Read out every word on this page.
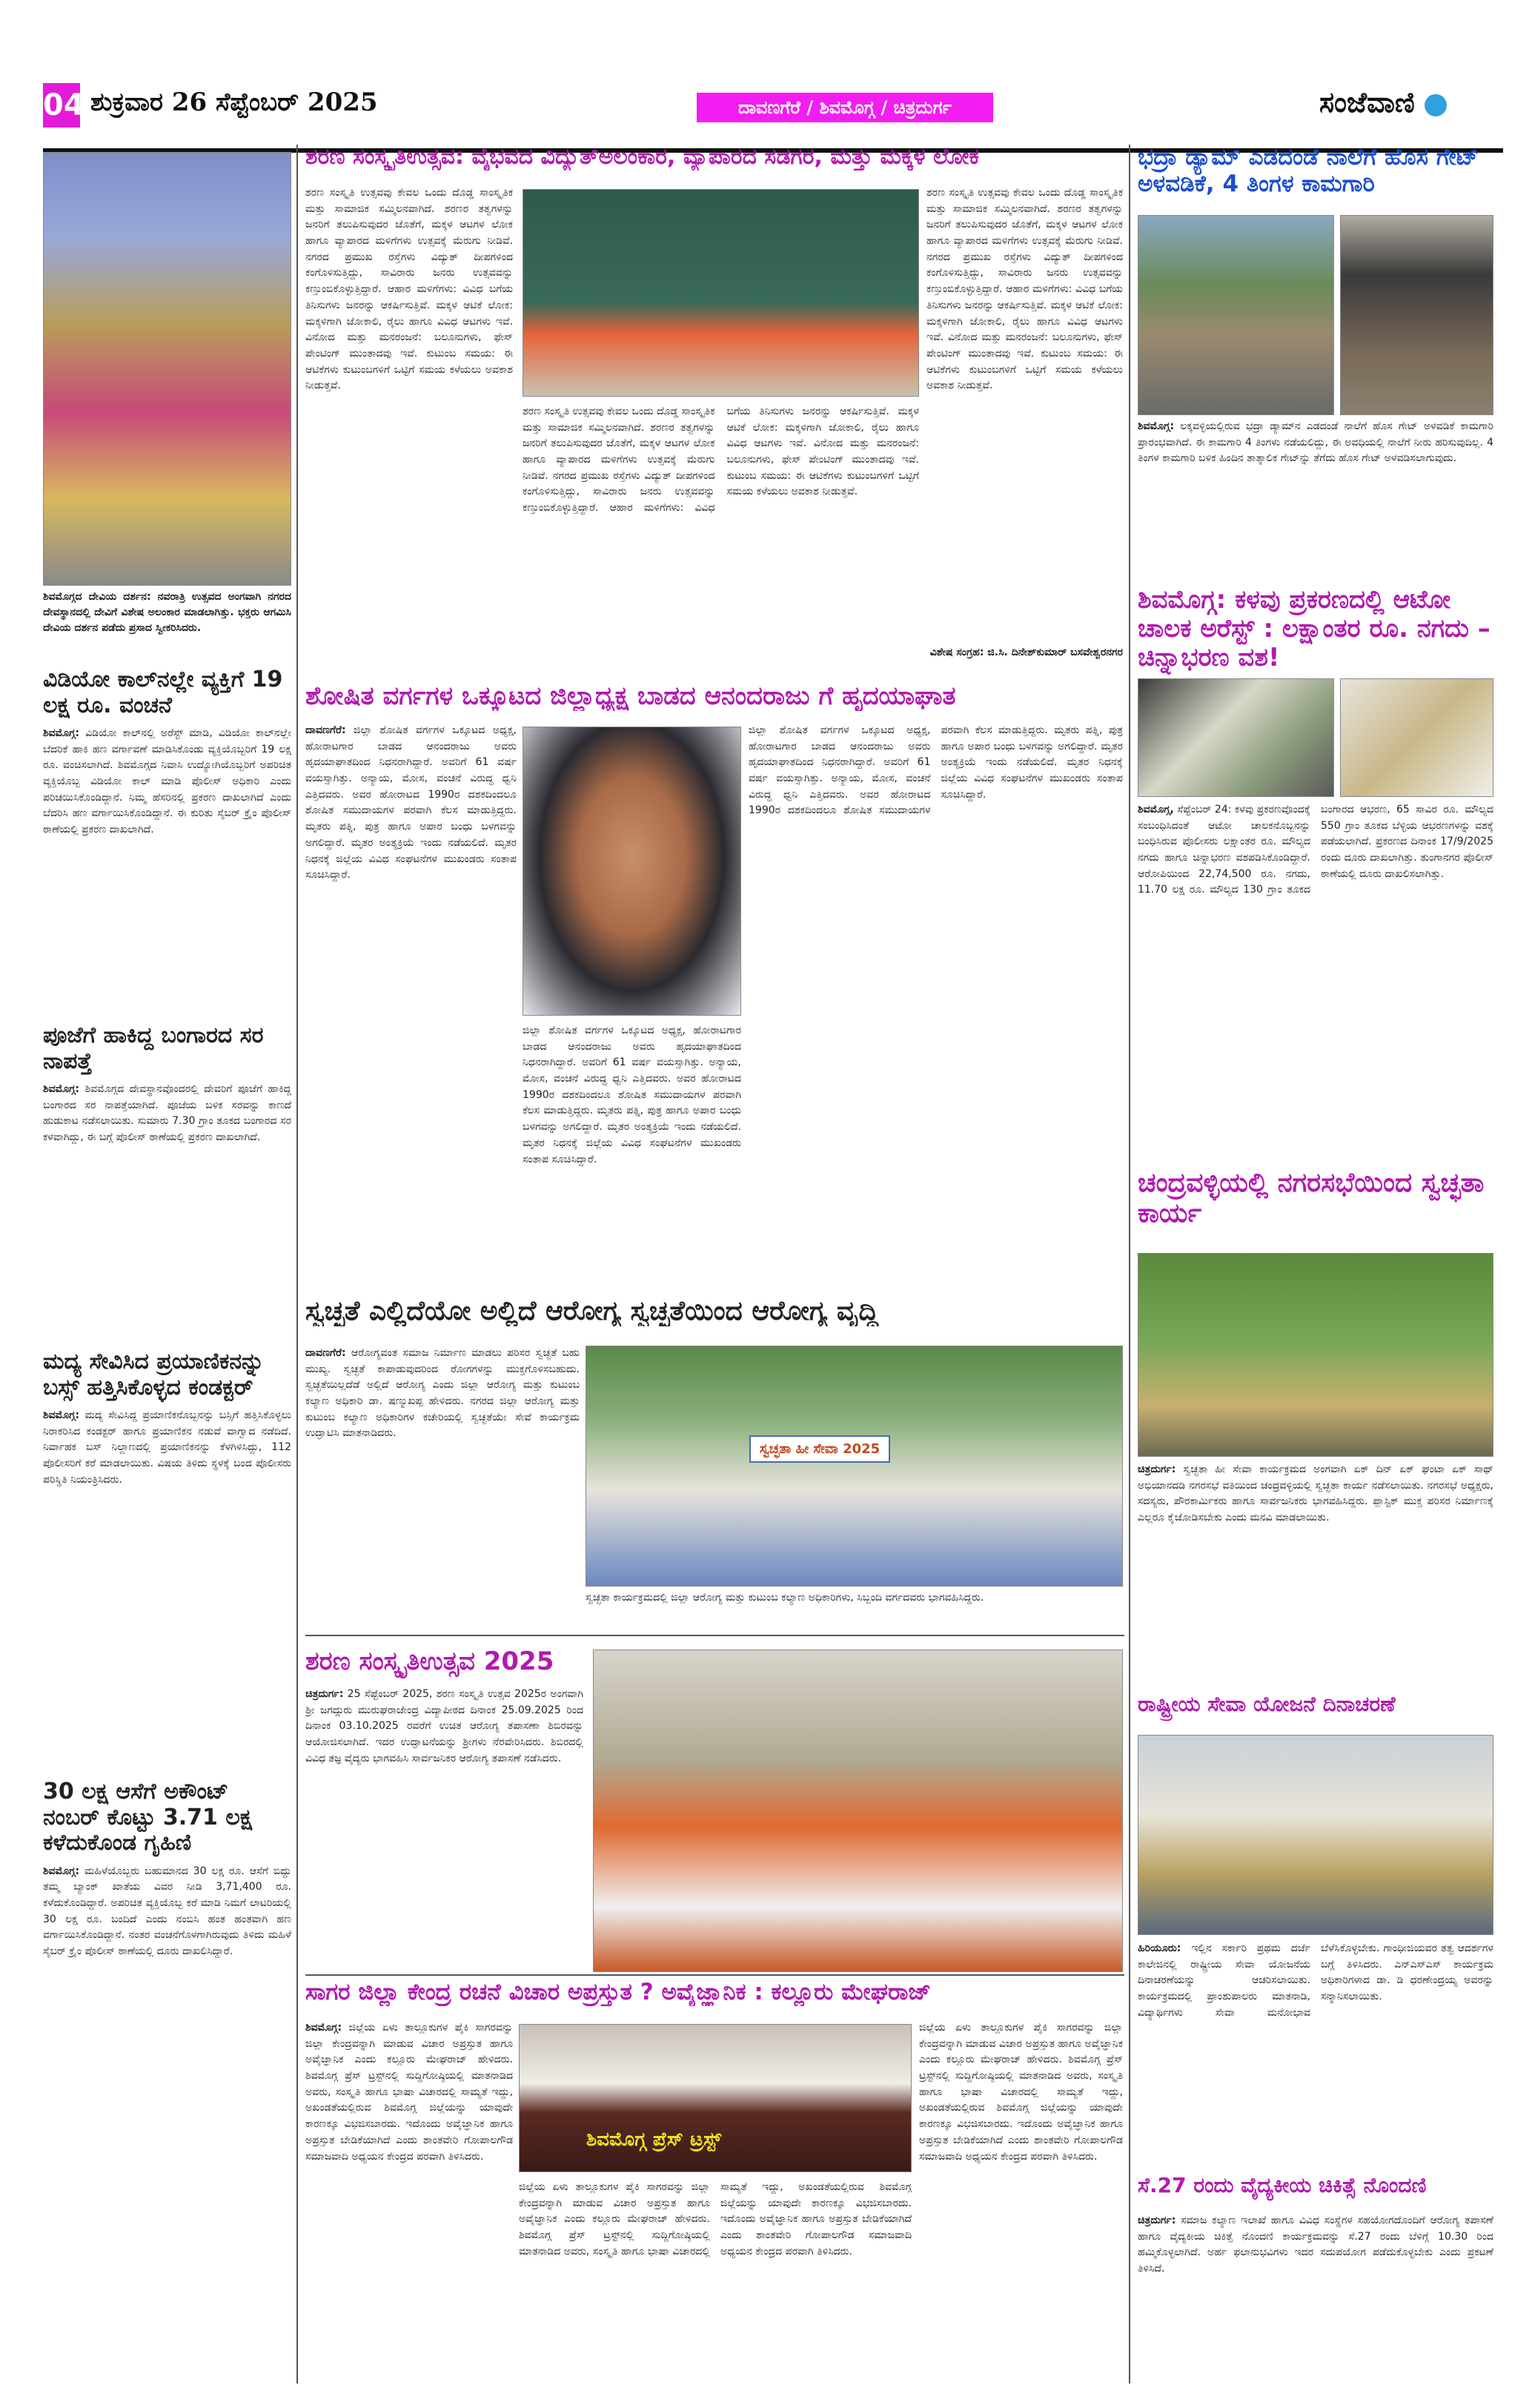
04 ಶುಕ್ರವಾರ 26 ಸೆಪ್ಟೆಂಬರ್ 2025	ದಾವಣಗೆರೆ / ಶಿವಮೊಗ್ಗ / ಚಿತ್ರದುರ್ಗ	ಸಂಜೆವಾಣಿ
ಶಿವಮೊಗ್ಗದ ದೇವಿಯ ದರ್ಶನ: ನವರಾತ್ರಿ ಉತ್ಸವದ ಅಂಗವಾಗಿ ನಗರದ ದೇವಸ್ಥಾನದಲ್ಲಿ ದೇವಿಗೆ ವಿಶೇಷ ಅಲಂಕಾರ ಮಾಡಲಾಗಿತ್ತು. ಭಕ್ತರು ಆಗಮಿಸಿ ದೇವಿಯ ದರ್ಶನ ಪಡೆದು ಪ್ರಸಾದ ಸ್ವೀಕರಿಸಿದರು.
ವಿಡಿಯೋ ಕಾಲ್‌ನಲ್ಲೇ ವ್ಯಕ್ತಿಗೆ 19 ಲಕ್ಷ ರೂ. ವಂಚನೆ
ಶಿವಮೊಗ್ಗ: ವಿಡಿಯೋ ಕಾಲ್‌ನಲ್ಲಿ ಅರೆಸ್ಟ್ ಮಾಡಿ, ವಿಡಿಯೋ ಕಾಲ್‌ನಲ್ಲೇ ಬೆದರಿಕೆ ಹಾಕಿ ಹಣ ವರ್ಗಾವಣೆ ಮಾಡಿಸಿಕೊಂಡು ವ್ಯಕ್ತಿಯೊಬ್ಬರಿಗೆ 19 ಲಕ್ಷ ರೂ. ವಂಚಿಸಲಾಗಿದೆ. ಶಿವಮೊಗ್ಗದ ನಿವಾಸಿ ಉದ್ಯೋಗಿಯೊಬ್ಬರಿಗೆ ಅಪರಿಚಿತ ವ್ಯಕ್ತಿಯೊಬ್ಬ ವಿಡಿಯೋ ಕಾಲ್ ಮಾಡಿ ಪೊಲೀಸ್ ಅಧಿಕಾರಿ ಎಂದು ಪರಿಚಯಿಸಿಕೊಂಡಿದ್ದಾನೆ. ನಿಮ್ಮ ಹೆಸರಿನಲ್ಲಿ ಪ್ರಕರಣ ದಾಖಲಾಗಿದೆ ಎಂದು ಬೆದರಿಸಿ ಹಣ ವರ್ಗಾಯಿಸಿಕೊಂಡಿದ್ದಾನೆ. ಈ ಕುರಿತು ಸೈಬರ್ ಕ್ರೈಂ ಪೊಲೀಸ್ ಠಾಣೆಯಲ್ಲಿ ಪ್ರಕರಣ ದಾಖಲಾಗಿದೆ.
ಪೂಜೆಗೆ ಹಾಕಿದ್ದ ಬಂಗಾರದ ಸರ ನಾಪತ್ತೆ
ಶಿವಮೊಗ್ಗ: ಶಿವಮೊಗ್ಗದ ದೇವಸ್ಥಾನವೊಂದರಲ್ಲಿ ದೇವರಿಗೆ ಪೂಜೆಗೆ ಹಾಕಿದ್ದ ಬಂಗಾರದ ಸರ ನಾಪತ್ತೆಯಾಗಿದೆ. ಪೂಜೆಯ ಬಳಿಕ ಸರವನ್ನು ಕಾಣದೆ ಹುಡುಕಾಟ ನಡೆಸಲಾಯಿತು. ಸುಮಾರು 7.30 ಗ್ರಾಂ ತೂಕದ ಬಂಗಾರದ ಸರ ಕಳವಾಗಿದ್ದು, ಈ ಬಗ್ಗೆ ಪೊಲೀಸ್ ಠಾಣೆಯಲ್ಲಿ ಪ್ರಕರಣ ದಾಖಲಾಗಿದೆ.
ಮದ್ಯ ಸೇವಿಸಿದ ಪ್ರಯಾಣಿಕನನ್ನು ಬಸ್ಸ್ ಹತ್ತಿಸಿಕೊಳ್ಳದ ಕಂಡಕ್ಟರ್
ಶಿವಮೊಗ್ಗ: ಮದ್ಯ ಸೇವಿಸಿದ್ದ ಪ್ರಯಾಣಿಕನೊಬ್ಬನನ್ನು ಬಸ್ಸಿಗೆ ಹತ್ತಿಸಿಕೊಳ್ಳಲು ನಿರಾಕರಿಸಿದ ಕಂಡಕ್ಟರ್ ಹಾಗೂ ಪ್ರಯಾಣಿಕನ ನಡುವೆ ವಾಗ್ವಾದ ನಡೆದಿದೆ. ನಿರ್ವಾಹಕ ಬಸ್ ನಿಲ್ದಾಣದಲ್ಲಿ ಪ್ರಯಾಣಿಕನನ್ನು ಕೆಳಗಿಳಿಸಿದ್ದು, 112 ಪೊಲೀಸರಿಗೆ ಕರೆ ಮಾಡಲಾಯಿತು. ವಿಷಯ ತಿಳಿದು ಸ್ಥಳಕ್ಕೆ ಬಂದ ಪೊಲೀಸರು ಪರಿಸ್ಥಿತಿ ನಿಯಂತ್ರಿಸಿದರು.
30 ಲಕ್ಷ ಆಸೆಗೆ ಅಕೌಂಟ್ ನಂಬರ್ ಕೊಟ್ಟು 3.71 ಲಕ್ಷ ಕಳೆದುಕೊಂಡ ಗೃಹಿಣಿ
ಶಿವಮೊಗ್ಗ: ಮಹಿಳೆಯೊಬ್ಬರು ಬಹುಮಾನದ 30 ಲಕ್ಷ ರೂ. ಆಸೆಗೆ ಬಿದ್ದು ತಮ್ಮ ಬ್ಯಾಂಕ್ ಖಾತೆಯ ವಿವರ ನೀಡಿ 3,71,400 ರೂ. ಕಳೆದುಕೊಂಡಿದ್ದಾರೆ. ಅಪರಿಚಿತ ವ್ಯಕ್ತಿಯೊಬ್ಬ ಕರೆ ಮಾಡಿ ನಿಮಗೆ ಲಾಟರಿಯಲ್ಲಿ 30 ಲಕ್ಷ ರೂ. ಬಂದಿದೆ ಎಂದು ನಂಬಿಸಿ ಹಂತ ಹಂತವಾಗಿ ಹಣ ವರ್ಗಾಯಿಸಿಕೊಂಡಿದ್ದಾನೆ. ನಂತರ ವಂಚನೆಗೊಳಗಾಗಿರುವುದು ತಿಳಿದು ಮಹಿಳೆ ಸೈಬರ್ ಕ್ರೈಂ ಪೊಲೀಸ್ ಠಾಣೆಯಲ್ಲಿ ದೂರು ದಾಖಲಿಸಿದ್ದಾರೆ.
ಶರಣ ಸಂಸ್ಕೃತಿಉತ್ಸವ: ವೈಭವದ ವಿದ್ಯುತ್‌ಅಲಂಕಾರ, ವ್ಯಾಪಾರದ ಸಡಗರ, ಮತ್ತು ಮಕ್ಕಳ ಲೋಕ
ಶರಣ ಸಂಸ್ಕೃತಿ ಉತ್ಸವವು ಕೇವಲ ಒಂದು ದೊಡ್ಡ ಸಾಂಸ್ಕೃತಿಕ ಮತ್ತು ಸಾಮಾಜಿಕ ಸಮ್ಮಿಲನವಾಗಿದೆ. ಶರಣರ ತತ್ವಗಳನ್ನು ಜನರಿಗೆ ತಲುಪಿಸುವುದರ ಜೊತೆಗೆ, ಮಕ್ಕಳ ಆಟಗಳ ಲೋಕ ಹಾಗೂ ವ್ಯಾಪಾರದ ಮಳಿಗೆಗಳು ಉತ್ಸವಕ್ಕೆ ಮೆರುಗು ನೀಡಿವೆ. ನಗರದ ಪ್ರಮುಖ ರಸ್ತೆಗಳು ವಿದ್ಯುತ್ ದೀಪಗಳಿಂದ ಕಂಗೊಳಿಸುತ್ತಿದ್ದು, ಸಾವಿರಾರು ಜನರು ಉತ್ಸವವನ್ನು ಕಣ್ತುಂಬಿಕೊಳ್ಳುತ್ತಿದ್ದಾರೆ. ಆಹಾರ ಮಳಿಗೆಗಳು: ವಿವಿಧ ಬಗೆಯ ತಿನಿಸುಗಳು ಜನರನ್ನು ಆಕರ್ಷಿಸುತ್ತಿವೆ. ಮಕ್ಕಳ ಆಟಿಕೆ ಲೋಕ: ಮಕ್ಕಳಿಗಾಗಿ ಜೋಕಾಲಿ, ರೈಲು ಹಾಗೂ ವಿವಿಧ ಆಟಗಳು ಇವೆ. ವಿನೋದ ಮತ್ತು ಮನರಂಜನೆ: ಬಲೂನುಗಳು, ಫೇಸ್ ಪೇಂಟಿಂಗ್ ಮುಂತಾದವು ಇವೆ. ಕುಟುಂಬ ಸಮಯ: ಈ ಆಟಿಕೆಗಳು ಕುಟುಂಬಗಳಿಗೆ ಒಟ್ಟಿಗೆ ಸಮಯ ಕಳೆಯಲು ಅವಕಾಶ ನೀಡುತ್ತವೆ.
ಶರಣ ಸಂಸ್ಕೃತಿ ಉತ್ಸವವು ಕೇವಲ ಒಂದು ದೊಡ್ಡ ಸಾಂಸ್ಕೃತಿಕ ಮತ್ತು ಸಾಮಾಜಿಕ ಸಮ್ಮಿಲನವಾಗಿದೆ. ಶರಣರ ತತ್ವಗಳನ್ನು ಜನರಿಗೆ ತಲುಪಿಸುವುದರ ಜೊತೆಗೆ, ಮಕ್ಕಳ ಆಟಗಳ ಲೋಕ ಹಾಗೂ ವ್ಯಾಪಾರದ ಮಳಿಗೆಗಳು ಉತ್ಸವಕ್ಕೆ ಮೆರುಗು ನೀಡಿವೆ. ನಗರದ ಪ್ರಮುಖ ರಸ್ತೆಗಳು ವಿದ್ಯುತ್ ದೀಪಗಳಿಂದ ಕಂಗೊಳಿಸುತ್ತಿದ್ದು, ಸಾವಿರಾರು ಜನರು ಉತ್ಸವವನ್ನು ಕಣ್ತುಂಬಿಕೊಳ್ಳುತ್ತಿದ್ದಾರೆ. ಆಹಾರ ಮಳಿಗೆಗಳು: ವಿವಿಧ ಬಗೆಯ ತಿನಿಸುಗಳು ಜನರನ್ನು ಆಕರ್ಷಿಸುತ್ತಿವೆ. ಮಕ್ಕಳ ಆಟಿಕೆ ಲೋಕ: ಮಕ್ಕಳಿಗಾಗಿ ಜೋಕಾಲಿ, ರೈಲು ಹಾಗೂ ವಿವಿಧ ಆಟಗಳು ಇವೆ. ವಿನೋದ ಮತ್ತು ಮನರಂಜನೆ: ಬಲೂನುಗಳು, ಫೇಸ್ ಪೇಂಟಿಂಗ್ ಮುಂತಾದವು ಇವೆ. ಕುಟುಂಬ ಸಮಯ: ಈ ಆಟಿಕೆಗಳು ಕುಟುಂಬಗಳಿಗೆ ಒಟ್ಟಿಗೆ ಸಮಯ ಕಳೆಯಲು ಅವಕಾಶ ನೀಡುತ್ತವೆ.
ಶರಣ ಸಂಸ್ಕೃತಿ ಉತ್ಸವವು ಕೇವಲ ಒಂದು ದೊಡ್ಡ ಸಾಂಸ್ಕೃತಿಕ ಮತ್ತು ಸಾಮಾಜಿಕ ಸಮ್ಮಿಲನವಾಗಿದೆ. ಶರಣರ ತತ್ವಗಳನ್ನು ಜನರಿಗೆ ತಲುಪಿಸುವುದರ ಜೊತೆಗೆ, ಮಕ್ಕಳ ಆಟಗಳ ಲೋಕ ಹಾಗೂ ವ್ಯಾಪಾರದ ಮಳಿಗೆಗಳು ಉತ್ಸವಕ್ಕೆ ಮೆರುಗು ನೀಡಿವೆ. ನಗರದ ಪ್ರಮುಖ ರಸ್ತೆಗಳು ವಿದ್ಯುತ್ ದೀಪಗಳಿಂದ ಕಂಗೊಳಿಸುತ್ತಿದ್ದು, ಸಾವಿರಾರು ಜನರು ಉತ್ಸವವನ್ನು ಕಣ್ತುಂಬಿಕೊಳ್ಳುತ್ತಿದ್ದಾರೆ. ಆಹಾರ ಮಳಿಗೆಗಳು: ವಿವಿಧ ಬಗೆಯ ತಿನಿಸುಗಳು ಜನರನ್ನು ಆಕರ್ಷಿಸುತ್ತಿವೆ. ಮಕ್ಕಳ ಆಟಿಕೆ ಲೋಕ: ಮಕ್ಕಳಿಗಾಗಿ ಜೋಕಾಲಿ, ರೈಲು ಹಾಗೂ ವಿವಿಧ ಆಟಗಳು ಇವೆ. ವಿನೋದ ಮತ್ತು ಮನರಂಜನೆ: ಬಲೂನುಗಳು, ಫೇಸ್ ಪೇಂಟಿಂಗ್ ಮುಂತಾದವು ಇವೆ. ಕುಟುಂಬ ಸಮಯ: ಈ ಆಟಿಕೆಗಳು ಕುಟುಂಬಗಳಿಗೆ ಒಟ್ಟಿಗೆ ಸಮಯ ಕಳೆಯಲು ಅವಕಾಶ ನೀಡುತ್ತವೆ.
ವಿಶೇಷ ಸಂಗ್ರಹ: ಜಿ.ಸಿ. ದಿನೇಶ್‌ಕುಮಾರ್ ಬಸವೇಶ್ವರನಗರ
ಶೋಷಿತ ವರ್ಗಗಳ ಒಕ್ಕೂಟದ ಜಿಲ್ಲಾಧ್ಯಕ್ಷ ಬಾಡದ ಆನಂದರಾಜು ಗೆ ಹೃದಯಾಘಾತ
ದಾವಣಗೆರೆ: ಜಿಲ್ಲಾ ಶೋಷಿತ ವರ್ಗಗಳ ಒಕ್ಕೂಟದ ಅಧ್ಯಕ್ಷ, ಹೋರಾಟಗಾರ ಬಾಡದ ಆನಂದರಾಜು ಅವರು ಹೃದಯಾಘಾತದಿಂದ ನಿಧನರಾಗಿದ್ದಾರೆ. ಅವರಿಗೆ 61 ವರ್ಷ ವಯಸ್ಸಾಗಿತ್ತು. ಅನ್ಯಾಯ, ಮೋಸ, ವಂಚನೆ ವಿರುದ್ಧ ಧ್ವನಿ ಎತ್ತಿದವರು. ಅವರ ಹೋರಾಟದ 1990ರ ದಶಕದಿಂದಲೂ ಶೋಷಿತ ಸಮುದಾಯಗಳ ಪರವಾಗಿ ಕೆಲಸ ಮಾಡುತ್ತಿದ್ದರು. ಮೃತರು ಪತ್ನಿ, ಪುತ್ರ ಹಾಗೂ ಅಪಾರ ಬಂಧು ಬಳಗವನ್ನು ಅಗಲಿದ್ದಾರೆ. ಮೃತರ ಅಂತ್ಯಕ್ರಿಯೆ ಇಂದು ನಡೆಯಲಿದೆ. ಮೃತರ ನಿಧನಕ್ಕೆ ಜಿಲ್ಲೆಯ ವಿವಿಧ ಸಂಘಟನೆಗಳ ಮುಖಂಡರು ಸಂತಾಪ ಸೂಚಿಸಿದ್ದಾರೆ.
ಜಿಲ್ಲಾ ಶೋಷಿತ ವರ್ಗಗಳ ಒಕ್ಕೂಟದ ಅಧ್ಯಕ್ಷ, ಹೋರಾಟಗಾರ ಬಾಡದ ಆನಂದರಾಜು ಅವರು ಹೃದಯಾಘಾತದಿಂದ ನಿಧನರಾಗಿದ್ದಾರೆ. ಅವರಿಗೆ 61 ವರ್ಷ ವಯಸ್ಸಾಗಿತ್ತು. ಅನ್ಯಾಯ, ಮೋಸ, ವಂಚನೆ ವಿರುದ್ಧ ಧ್ವನಿ ಎತ್ತಿದವರು. ಅವರ ಹೋರಾಟದ 1990ರ ದಶಕದಿಂದಲೂ ಶೋಷಿತ ಸಮುದಾಯಗಳ ಪರವಾಗಿ ಕೆಲಸ ಮಾಡುತ್ತಿದ್ದರು. ಮೃತರು ಪತ್ನಿ, ಪುತ್ರ ಹಾಗೂ ಅಪಾರ ಬಂಧು ಬಳಗವನ್ನು ಅಗಲಿದ್ದಾರೆ. ಮೃತರ ಅಂತ್ಯಕ್ರಿಯೆ ಇಂದು ನಡೆಯಲಿದೆ. ಮೃತರ ನಿಧನಕ್ಕೆ ಜಿಲ್ಲೆಯ ವಿವಿಧ ಸಂಘಟನೆಗಳ ಮುಖಂಡರು ಸಂತಾಪ ಸೂಚಿಸಿದ್ದಾರೆ.
ಜಿಲ್ಲಾ ಶೋಷಿತ ವರ್ಗಗಳ ಒಕ್ಕೂಟದ ಅಧ್ಯಕ್ಷ, ಹೋರಾಟಗಾರ ಬಾಡದ ಆನಂದರಾಜು ಅವರು ಹೃದಯಾಘಾತದಿಂದ ನಿಧನರಾಗಿದ್ದಾರೆ. ಅವರಿಗೆ 61 ವರ್ಷ ವಯಸ್ಸಾಗಿತ್ತು. ಅನ್ಯಾಯ, ಮೋಸ, ವಂಚನೆ ವಿರುದ್ಧ ಧ್ವನಿ ಎತ್ತಿದವರು. ಅವರ ಹೋರಾಟದ 1990ರ ದಶಕದಿಂದಲೂ ಶೋಷಿತ ಸಮುದಾಯಗಳ ಪರವಾಗಿ ಕೆಲಸ ಮಾಡುತ್ತಿದ್ದರು. ಮೃತರು ಪತ್ನಿ, ಪುತ್ರ ಹಾಗೂ ಅಪಾರ ಬಂಧು ಬಳಗವನ್ನು ಅಗಲಿದ್ದಾರೆ. ಮೃತರ ಅಂತ್ಯಕ್ರಿಯೆ ಇಂದು ನಡೆಯಲಿದೆ. ಮೃತರ ನಿಧನಕ್ಕೆ ಜಿಲ್ಲೆಯ ವಿವಿಧ ಸಂಘಟನೆಗಳ ಮುಖಂಡರು ಸಂತಾಪ ಸೂಚಿಸಿದ್ದಾರೆ.
ಸ್ವಚ್ಛತೆ ಎಲ್ಲಿದೆಯೋ ಅಲ್ಲಿದೆ ಆರೋಗ್ಯ ಸ್ವಚ್ಛತೆಯಿಂದ ಆರೋಗ್ಯ ವೃದ್ಧಿ
ದಾವಣಗೆರೆ: ಆರೋಗ್ಯವಂತ ಸಮಾಜ ನಿರ್ಮಾಣ ಮಾಡಲು ಪರಿಸರ ಸ್ವಚ್ಛತೆ ಬಹು ಮುಖ್ಯ. ಸ್ವಚ್ಛತೆ ಕಾಪಾಡುವುದರಿಂದ ರೋಗಗಳನ್ನು ಮುಕ್ತಗೊಳಿಸಬಹುದು. ಸ್ವಚ್ಛತೆಯಿಲ್ಲದೆಡೆ ಅಲ್ಲಿದೆ ಆರೋಗ್ಯ ಎಂದು ಜಿಲ್ಲಾ ಆರೋಗ್ಯ ಮತ್ತು ಕುಟುಂಬ ಕಲ್ಯಾಣ ಅಧಿಕಾರಿ ಡಾ. ಷಣ್ಮುಖಪ್ಪ ಹೇಳಿದರು. ನಗರದ ಜಿಲ್ಲಾ ಆರೋಗ್ಯ ಮತ್ತು ಕುಟುಂಬ ಕಲ್ಯಾಣ ಅಧಿಕಾರಿಗಳ ಕಚೇರಿಯಲ್ಲಿ ಸ್ವಚ್ಛತೆಯೇ ಸೇವೆ ಕಾರ್ಯಕ್ರಮ ಉದ್ಘಾಟಿಸಿ ಮಾತನಾಡಿದರು.
ಸ್ವಚ್ಛತಾ ಹೀ ಸೇವಾ 2025
ಸ್ವಚ್ಛತಾ ಕಾರ್ಯಕ್ರಮದಲ್ಲಿ ಜಿಲ್ಲಾ ಆರೋಗ್ಯ ಮತ್ತು ಕುಟುಂಬ ಕಲ್ಯಾಣ ಅಧಿಕಾರಿಗಳು, ಸಿಬ್ಬಂದಿ ವರ್ಗದವರು ಭಾಗವಹಿಸಿದ್ದರು.
ಶರಣ ಸಂಸ್ಕೃತಿಉತ್ಸವ 2025
ಚಿತ್ರದುರ್ಗ: 25 ಸೆಪ್ಟೆಂಬರ್ 2025, ಶರಣ ಸಂಸ್ಕೃತಿ ಉತ್ಸವ 2025ರ ಅಂಗವಾಗಿ ಶ್ರೀ ಜಗದ್ಗುರು ಮುರುಘರಾಜೇಂದ್ರ ವಿದ್ಯಾಪೀಠದ ದಿನಾಂಕ 25.09.2025 ರಿಂದ ದಿನಾಂಕ 03.10.2025 ರವರೆಗೆ ಉಚಿತ ಆರೋಗ್ಯ ತಪಾಸಣಾ ಶಿಬಿರವನ್ನು ಆಯೋಜಿಸಲಾಗಿದೆ. ಇದರ ಉದ್ಘಾಟನೆಯನ್ನು ಶ್ರೀಗಳು ನೆರವೇರಿಸಿದರು. ಶಿಬಿರದಲ್ಲಿ ವಿವಿಧ ತಜ್ಞ ವೈದ್ಯರು ಭಾಗವಹಿಸಿ ಸಾರ್ವಜನಿಕರ ಆರೋಗ್ಯ ತಪಾಸಣೆ ನಡೆಸಿದರು.
ಸಾಗರ ಜಿಲ್ಲಾ ಕೇಂದ್ರ ರಚನೆ ವಿಚಾರ ಅಪ್ರಸ್ತುತ ? ಅವೈಜ್ಞಾನಿಕ : ಕಲ್ಲೂರು ಮೇಘರಾಜ್
ಶಿವಮೊಗ್ಗ: ಜಿಲ್ಲೆಯ ಏಳು ತಾಲ್ಲೂಕುಗಳ ಪೈಕಿ ಸಾಗರವನ್ನು ಜಿಲ್ಲಾ ಕೇಂದ್ರವನ್ನಾಗಿ ಮಾಡುವ ವಿಚಾರ ಅಪ್ರಸ್ತುತ ಹಾಗೂ ಅವೈಜ್ಞಾನಿಕ ಎಂದು ಕಲ್ಲೂರು ಮೇಘರಾಜ್ ಹೇಳಿದರು. ಶಿವಮೊಗ್ಗ ಪ್ರೆಸ್ ಟ್ರಸ್ಟ್‌ನಲ್ಲಿ ಸುದ್ದಿಗೋಷ್ಠಿಯಲ್ಲಿ ಮಾತನಾಡಿದ ಅವರು, ಸಂಸ್ಕೃತಿ ಹಾಗೂ ಭಾಷಾ ವಿಚಾರದಲ್ಲಿ ಸಾಮ್ಯತೆ ಇದ್ದು, ಅಖಂಡತೆಯಲ್ಲಿರುವ ಶಿವಮೊಗ್ಗ ಜಿಲ್ಲೆಯನ್ನು ಯಾವುದೇ ಕಾರಣಕ್ಕೂ ವಿಭಜಿಸಬಾರದು. ಇದೊಂದು ಅವೈಜ್ಞಾನಿಕ ಹಾಗೂ ಅಪ್ರಸ್ತುತ ಬೇಡಿಕೆಯಾಗಿದೆ ಎಂದು ಶಾಂತವೇರಿ ಗೋಪಾಲಗೌಡ ಸಮಾಜವಾದಿ ಅಧ್ಯಯನ ಕೇಂದ್ರದ ಪರವಾಗಿ ತಿಳಿಸಿದರು.
ಶಿವಮೊಗ್ಗ ಪ್ರೆಸ್ ಟ್ರಸ್ಟ್
ಜಿಲ್ಲೆಯ ಏಳು ತಾಲ್ಲೂಕುಗಳ ಪೈಕಿ ಸಾಗರವನ್ನು ಜಿಲ್ಲಾ ಕೇಂದ್ರವನ್ನಾಗಿ ಮಾಡುವ ವಿಚಾರ ಅಪ್ರಸ್ತುತ ಹಾಗೂ ಅವೈಜ್ಞಾನಿಕ ಎಂದು ಕಲ್ಲೂರು ಮೇಘರಾಜ್ ಹೇಳಿದರು. ಶಿವಮೊಗ್ಗ ಪ್ರೆಸ್ ಟ್ರಸ್ಟ್‌ನಲ್ಲಿ ಸುದ್ದಿಗೋಷ್ಠಿಯಲ್ಲಿ ಮಾತನಾಡಿದ ಅವರು, ಸಂಸ್ಕೃತಿ ಹಾಗೂ ಭಾಷಾ ವಿಚಾರದಲ್ಲಿ ಸಾಮ್ಯತೆ ಇದ್ದು, ಅಖಂಡತೆಯಲ್ಲಿರುವ ಶಿವಮೊಗ್ಗ ಜಿಲ್ಲೆಯನ್ನು ಯಾವುದೇ ಕಾರಣಕ್ಕೂ ವಿಭಜಿಸಬಾರದು. ಇದೊಂದು ಅವೈಜ್ಞಾನಿಕ ಹಾಗೂ ಅಪ್ರಸ್ತುತ ಬೇಡಿಕೆಯಾಗಿದೆ ಎಂದು ಶಾಂತವೇರಿ ಗೋಪಾಲಗೌಡ ಸಮಾಜವಾದಿ ಅಧ್ಯಯನ ಕೇಂದ್ರದ ಪರವಾಗಿ ತಿಳಿಸಿದರು.
ಜಿಲ್ಲೆಯ ಏಳು ತಾಲ್ಲೂಕುಗಳ ಪೈಕಿ ಸಾಗರವನ್ನು ಜಿಲ್ಲಾ ಕೇಂದ್ರವನ್ನಾಗಿ ಮಾಡುವ ವಿಚಾರ ಅಪ್ರಸ್ತುತ ಹಾಗೂ ಅವೈಜ್ಞಾನಿಕ ಎಂದು ಕಲ್ಲೂರು ಮೇಘರಾಜ್ ಹೇಳಿದರು. ಶಿವಮೊಗ್ಗ ಪ್ರೆಸ್ ಟ್ರಸ್ಟ್‌ನಲ್ಲಿ ಸುದ್ದಿಗೋಷ್ಠಿಯಲ್ಲಿ ಮಾತನಾಡಿದ ಅವರು, ಸಂಸ್ಕೃತಿ ಹಾಗೂ ಭಾಷಾ ವಿಚಾರದಲ್ಲಿ ಸಾಮ್ಯತೆ ಇದ್ದು, ಅಖಂಡತೆಯಲ್ಲಿರುವ ಶಿವಮೊಗ್ಗ ಜಿಲ್ಲೆಯನ್ನು ಯಾವುದೇ ಕಾರಣಕ್ಕೂ ವಿಭಜಿಸಬಾರದು. ಇದೊಂದು ಅವೈಜ್ಞಾನಿಕ ಹಾಗೂ ಅಪ್ರಸ್ತುತ ಬೇಡಿಕೆಯಾಗಿದೆ ಎಂದು ಶಾಂತವೇರಿ ಗೋಪಾಲಗೌಡ ಸಮಾಜವಾದಿ ಅಧ್ಯಯನ ಕೇಂದ್ರದ ಪರವಾಗಿ ತಿಳಿಸಿದರು.
ಭದ್ರಾ ಡ್ಯಾಮ್ ಎಡದಂಡೆ ನಾಲೆಗೆ ಹೊಸ ಗೇಟ್ ಅಳವಡಿಕೆ, 4 ತಿಂಗಳ ಕಾಮಗಾರಿ
ಶಿವಮೊಗ್ಗ: ಲಕ್ಕವಳ್ಳಿಯಲ್ಲಿರುವ ಭದ್ರಾ ಡ್ಯಾಮ್‌ನ ಎಡದಂಡೆ ನಾಲೆಗೆ ಹೊಸ ಗೇಟ್ ಅಳವಡಿಕೆ ಕಾಮಗಾರಿ ಪ್ರಾರಂಭವಾಗಿದೆ. ಈ ಕಾಮಗಾರಿ 4 ತಿಂಗಳು ನಡೆಯಲಿದ್ದು, ಈ ಅವಧಿಯಲ್ಲಿ ನಾಲೆಗೆ ನೀರು ಹರಿಸುವುದಿಲ್ಲ. 4 ತಿಂಗಳ ಕಾಮಗಾರಿ ಬಳಿಕ ಹಿಂದಿನ ತಾತ್ಕಾಲಿಕ ಗೇಟ್‌ನ್ನು ತೆಗೆದು ಹೊಸ ಗೇಟ್ ಅಳವಡಿಸಲಾಗುವುದು.
ಶಿವಮೊಗ್ಗ: ಕಳವು ಪ್ರಕರಣದಲ್ಲಿ ಆಟೋ ಚಾಲಕ ಅರೆಸ್ಟ್ : ಲಕ್ಷಾಂತರ ರೂ. ನಗದು – ಚಿನ್ನಾಭರಣ ವಶ!
ಶಿವಮೊಗ್ಗ, ಸೆಪ್ಟೆಂಬರ್ 24: ಕಳವು ಪ್ರಕರಣವೊಂದಕ್ಕೆ ಸಂಬಂಧಿಸಿದಂತೆ ಆಟೋ ಚಾಲಕನೊಬ್ಬನನ್ನು ಬಂಧಿಸಿರುವ ಪೊಲೀಸರು ಲಕ್ಷಾಂತರ ರೂ. ಮೌಲ್ಯದ ನಗದು ಹಾಗೂ ಚಿನ್ನಾಭರಣ ವಶಪಡಿಸಿಕೊಂಡಿದ್ದಾರೆ. ಆರೋಪಿಯಿಂದ 22,74,500 ರೂ. ನಗದು, 11.70 ಲಕ್ಷ ರೂ. ಮೌಲ್ಯದ 130 ಗ್ರಾಂ ತೂಕದ ಬಂಗಾರದ ಆಭರಣ, 65 ಸಾವಿರ ರೂ. ಮೌಲ್ಯದ 550 ಗ್ರಾಂ ತೂಕದ ಬೆಳ್ಳಿಯ ಆಭರಣಗಳನ್ನು ವಶಕ್ಕೆ ಪಡೆಯಲಾಗಿದೆ. ಪ್ರಕರಣದ ದಿನಾಂಕ 17/9/2025 ರಂದು ದೂರು ದಾಖಲಾಗಿತ್ತು. ತುಂಗಾನಗರ ಪೊಲೀಸ್ ಠಾಣೆಯಲ್ಲಿ ದೂರು ದಾಖಲಿಸಲಾಗಿತ್ತು.
ಚಂದ್ರವಳ್ಳಿಯಲ್ಲಿ ನಗರಸಭೆಯಿಂದ ಸ್ವಚ್ಛತಾ ಕಾರ್ಯ
ಚಿತ್ರದುರ್ಗ: ಸ್ವಚ್ಛತಾ ಹೀ ಸೇವಾ ಕಾರ್ಯಕ್ರಮದ ಅಂಗವಾಗಿ ಏಕ್ ದಿನ್ ಏಕ್ ಘಂಟಾ ಏಕ್ ಸಾಥ್ ಅಭಿಯಾನದಡಿ ನಗರಸಭೆ ವತಿಯಿಂದ ಚಂದ್ರವಳ್ಳಿಯಲ್ಲಿ ಸ್ವಚ್ಛತಾ ಕಾರ್ಯ ನಡೆಸಲಾಯಿತು. ನಗರಸಭೆ ಅಧ್ಯಕ್ಷರು, ಸದಸ್ಯರು, ಪೌರಕಾರ್ಮಿಕರು ಹಾಗೂ ಸಾರ್ವಜನಿಕರು ಭಾಗವಹಿಸಿದ್ದರು. ಪ್ಲಾಸ್ಟಿಕ್ ಮುಕ್ತ ಪರಿಸರ ನಿರ್ಮಾಣಕ್ಕೆ ಎಲ್ಲರೂ ಕೈಜೋಡಿಸಬೇಕು ಎಂದು ಮನವಿ ಮಾಡಲಾಯಿತು.
ರಾಷ್ಟ್ರೀಯ ಸೇವಾ ಯೋಜನೆ ದಿನಾಚರಣೆ
ಹಿರಿಯೂರು: ಇಲ್ಲಿನ ಸರ್ಕಾರಿ ಪ್ರಥಮ ದರ್ಜೆ ಕಾಲೇಜಿನಲ್ಲಿ ರಾಷ್ಟ್ರೀಯ ಸೇವಾ ಯೋಜನೆಯ ದಿನಾಚರಣೆಯನ್ನು ಆಚರಿಸಲಾಯಿತು. ಕಾರ್ಯಕ್ರಮದಲ್ಲಿ ಪ್ರಾಂಶುಪಾಲರು ಮಾತನಾಡಿ, ವಿದ್ಯಾರ್ಥಿಗಳು ಸೇವಾ ಮನೋಭಾವ ಬೆಳೆಸಿಕೊಳ್ಳಬೇಕು. ಗಾಂಧೀಜಿಯವರ ತತ್ವ ಆದರ್ಶಗಳ ಬಗ್ಗೆ ತಿಳಿಸಿದರು. ಎನ್‌ಎಸ್‌ಎಸ್ ಕಾರ್ಯಕ್ರಮ ಅಧಿಕಾರಿಗಳಾದ ಡಾ. ಡಿ ಧರಣೇಂದ್ರಯ್ಯ ಅವರನ್ನು ಸನ್ಮಾನಿಸಲಾಯಿತು.
ಸೆ.27 ರಂದು ವೈದ್ಯಕೀಯ ಚಿಕಿತ್ಸೆ ನೊಂದಣಿ
ಚಿತ್ರದುರ್ಗ: ಸಮಾಜ ಕಲ್ಯಾಣ ಇಲಾಖೆ ಹಾಗೂ ವಿವಿಧ ಸಂಸ್ಥೆಗಳ ಸಹಯೋಗದೊಂದಿಗೆ ಆರೋಗ್ಯ ತಪಾಸಣೆ ಹಾಗೂ ವೈದ್ಯಕೀಯ ಚಿಕಿತ್ಸೆ ನೊಂದಣಿ ಕಾರ್ಯಕ್ರಮವನ್ನು ಸೆ.27 ರಂದು ಬೆಳಿಗ್ಗೆ 10.30 ರಿಂದ ಹಮ್ಮಿಕೊಳ್ಳಲಾಗಿದೆ. ಅರ್ಹ ಫಲಾನುಭವಿಗಳು ಇದರ ಸದುಪಯೋಗ ಪಡೆದುಕೊಳ್ಳಬೇಕು ಎಂದು ಪ್ರಕಟಣೆ ತಿಳಿಸಿದೆ.
